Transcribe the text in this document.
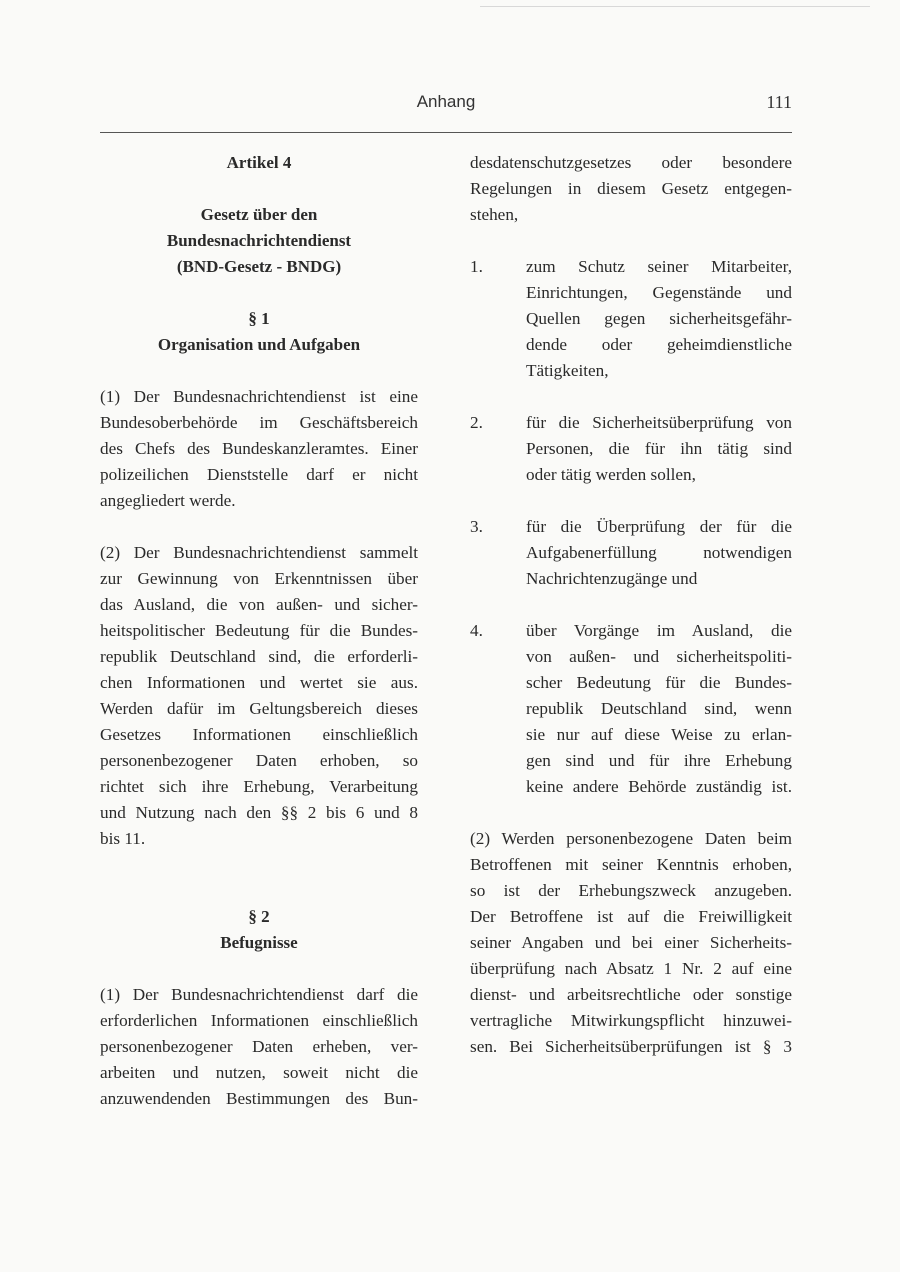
Anhang	111
Artikel 4
Gesetz über den
Bundesnachrichtendienst
(BND-Gesetz - BNDG)
§ 1
Organisation und Aufgaben
(1) Der Bundesnachrichtendienst ist eine
Bundesoberbehörde im Geschäftsbereich
des Chefs des Bundeskanzleramtes. Einer
polizeilichen Dienststelle darf er nicht
angegliedert werde.
(2) Der Bundesnachrichtendienst sammelt
zur Gewinnung von Erkenntnissen über
das Ausland, die von außen- und sicher-
heitspolitischer Bedeutung für die Bundes-
republik Deutschland sind, die erforderli-
chen Informationen und wertet sie aus.
Werden dafür im Geltungsbereich dieses
Gesetzes Informationen einschließlich
personenbezogener Daten erhoben, so
richtet sich ihre Erhebung, Verarbeitung
und Nutzung nach den §§ 2 bis 6 und 8
bis 11.
§ 2
Befugnisse
(1) Der Bundesnachrichtendienst darf die
erforderlichen Informationen einschließlich
personenbezogener Daten erheben, ver-
arbeiten und nutzen, soweit nicht die
anzuwendenden Bestimmungen des Bun-
desdatenschutzgesetzes oder besondere
Regelungen in diesem Gesetz entgegen-
stehen,
1.	zum Schutz seiner Mitarbeiter,
Einrichtungen, Gegenstände und
Quellen gegen sicherheitsgefähr-
dende oder geheimdienstliche
Tätigkeiten,
2.	für die Sicherheitsüberprüfung von
Personen, die für ihn tätig sind
oder tätig werden sollen,
3.	für die Überprüfung der für die
Aufgabenerfüllung notwendigen
Nachrichtenzugänge und
4.	über Vorgänge im Ausland, die
von außen- und sicherheitspoliti-
scher Bedeutung für die Bundes-
republik Deutschland sind, wenn
sie nur auf diese Weise zu erlan-
gen sind und für ihre Erhebung
keine andere Behörde zuständig ist.
(2) Werden personenbezogene Daten beim
Betroffenen mit seiner Kenntnis erhoben,
so ist der Erhebungszweck anzugeben.
Der Betroffene ist auf die Freiwilligkeit
seiner Angaben und bei einer Sicherheits-
überprüfung nach Absatz 1 Nr. 2 auf eine
dienst- und arbeitsrechtliche oder sonstige
vertragliche Mitwirkungspflicht hinzuwei-
sen. Bei Sicherheitsüberprüfungen ist § 3
